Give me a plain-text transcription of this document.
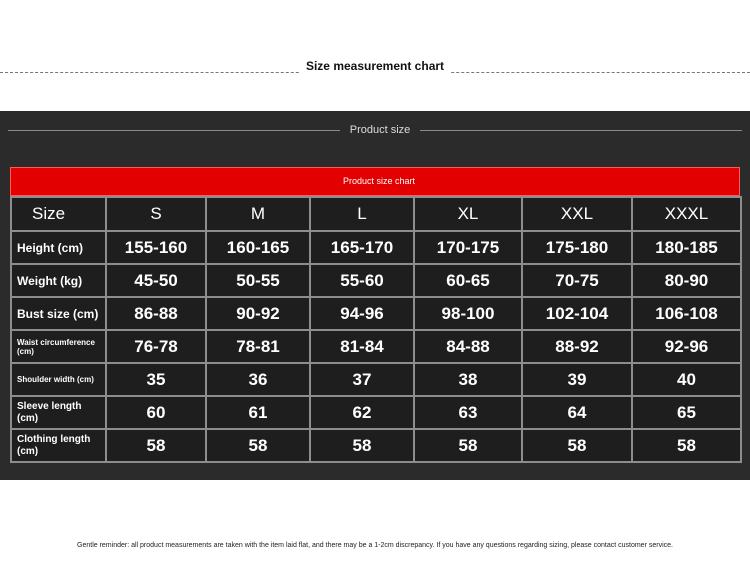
Size measurement chart
Product size
Product size chart
Size	S	M	L	XL	XXL	XXXL
Height (cm)	155-160	160-165	165-170	170-175	175-180	180-185
Weight (kg)	45-50	50-55	55-60	60-65	70-75	80-90
Bust size (cm)	86-88	90-92	94-96	98-100	102-104	106-108
Waist circumference (cm)	76-78	78-81	81-84	84-88	88-92	92-96
Shoulder width (cm)	35	36	37	38	39	40
Sleeve length (cm)	60	61	62	63	64	65
Clothing length (cm)	58	58	58	58	58	58
Gentle reminder: all product measurements are taken with the item laid flat, and there may be a 1-2cm discrepancy. If you have any questions regarding sizing, please contact customer service.
